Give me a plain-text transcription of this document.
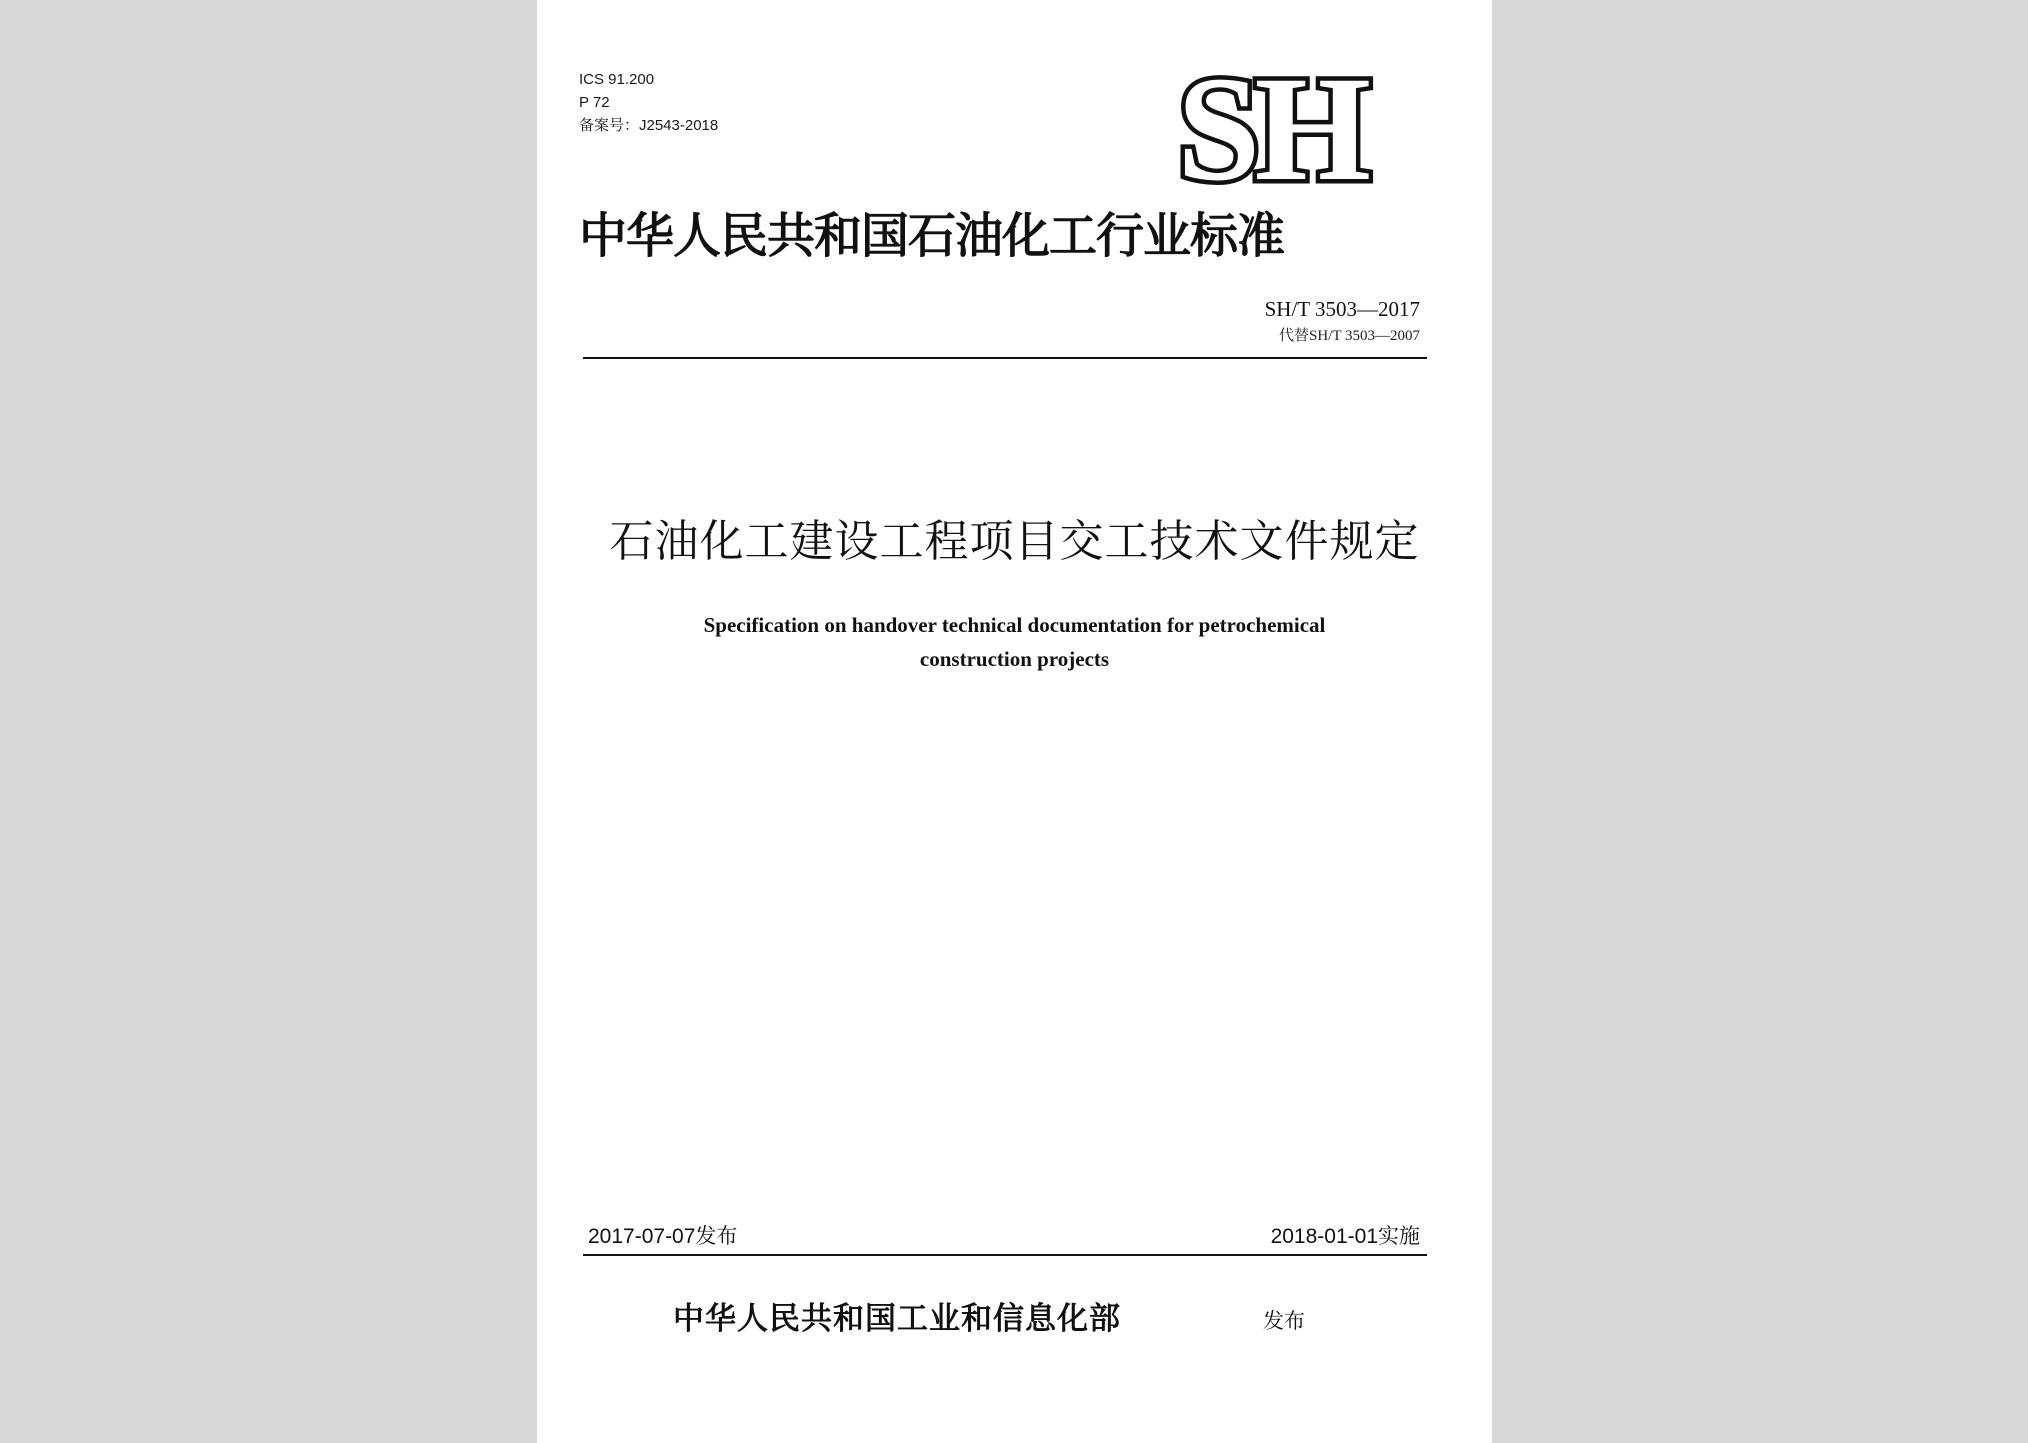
ICS 91.200
P 72
备案号：J2543-2018	SH
中华人民共和国石油化工行业标准
SH/T 3503—2017
代替SH/T 3503—2007
石油化工建设工程项目交工技术文件规定
Specification on handover technical documentation for petrochemical
construction projects
2017-07-07发布	2018-01-01实施
中华人民共和国工业和信息化部	发布
